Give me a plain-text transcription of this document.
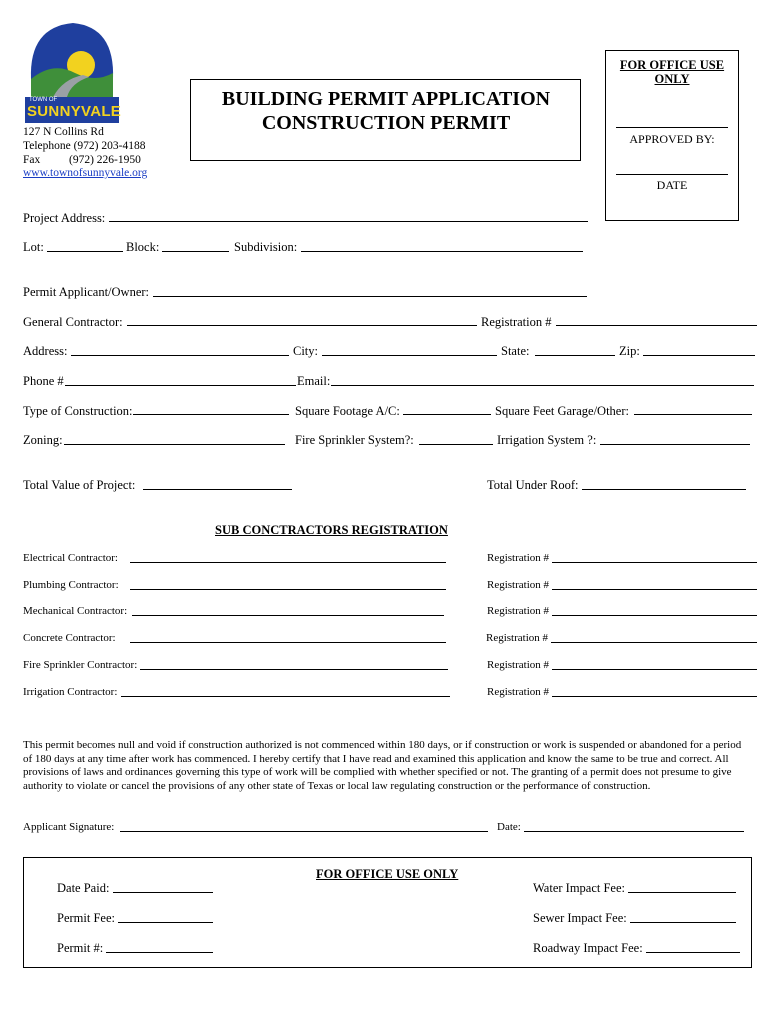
TOWN OF
SUNNYVALE
127 N Collins Rd
Telephone (972) 203-4188
Fax          (972) 226-1950
www.townofsunnyvale.org
BUILDING PERMIT APPLICATION
CONSTRUCTION PERMIT
FOR OFFICE USE
ONLY
APPROVED BY:
DATE
Project Address:
Lot:	Block:	Subdivision:
Permit Applicant/Owner:
General Contractor:	Registration #
Address:	City:	State:	Zip:
Phone #	Email:
Type of Construction:	Square Footage A/C:	Square Feet Garage/Other:
Zoning:	Fire Sprinkler System?:	Irrigation System ?:
Total Value of Project:	Total Under Roof:
SUB CONCTRACTORS REGISTRATION
Electrical Contractor:	Registration #
Plumbing Contractor:	Registration #
Mechanical Contractor:	Registration #
Concrete Contractor:	Registration #
Fire Sprinkler Contractor:	Registration #
Irrigation Contractor:	Registration #
This permit becomes null and void if construction authorized is not commenced within 180 days, or if construction or work is suspended or abandoned for a period of 180 days at any time after work has commenced. I hereby certify that I have read and examined this application and know the same to be true and correct. All provisions of laws and ordinances governing this type of work will be complied with whether specified or not. The granting of a permit does not presume to give authority to violate or cancel the provisions of any other state of Texas or local law regulating construction or the performance of construction.
Applicant Signature:	Date:
FOR OFFICE USE ONLY
Date Paid:	Water Impact Fee:
Permit Fee:	Sewer Impact Fee:
Permit #:	Roadway Impact Fee:
